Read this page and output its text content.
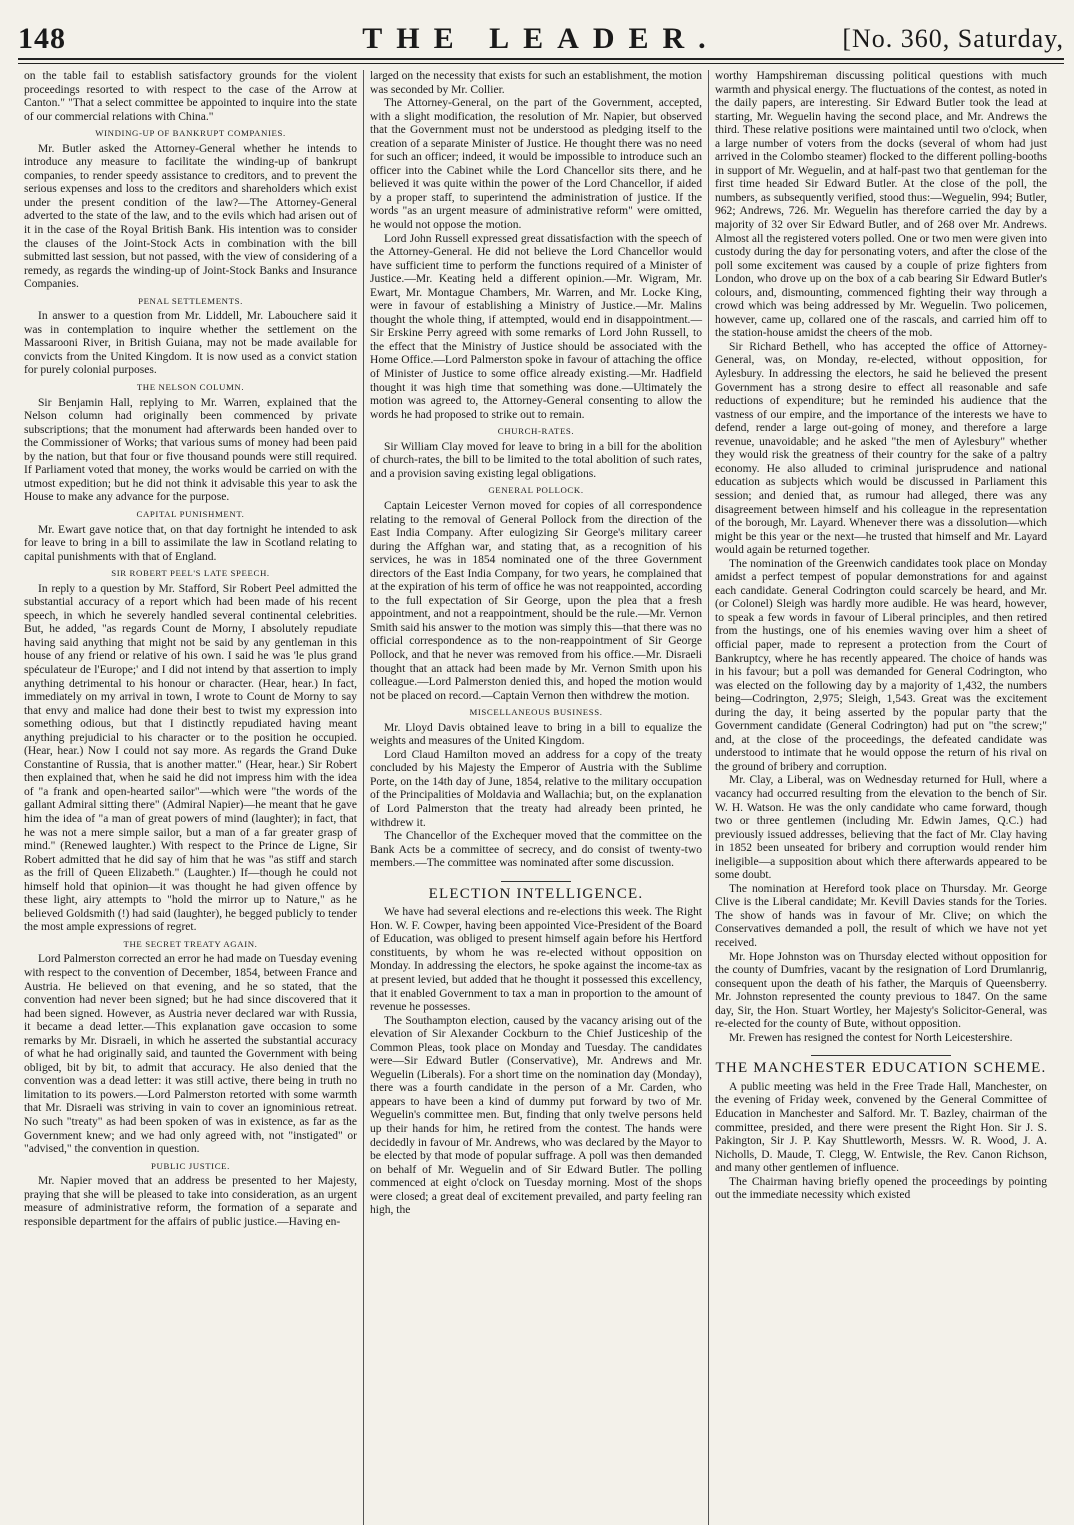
148	THE LEADER.	[No. 360, Saturday,

on the table fail to establish satisfactory grounds for the violent proceedings resorted to with respect to the case of the Arrow at Canton." "That a select committee be appointed to inquire into the state of our commercial relations with China."

WINDING-UP OF BANKRUPT COMPANIES.

Mr. Butler asked the Attorney-General whether he intends to introduce any measure to facilitate the winding-up of bankrupt companies, to render speedy assistance to creditors, and to prevent the serious expenses and loss to the creditors and shareholders which exist under the present condition of the law?—The Attorney-General adverted to the state of the law, and to the evils which had arisen out of it in the case of the Royal British Bank. His intention was to consider the clauses of the Joint-Stock Acts in combination with the bill submitted last session, but not passed, with the view of considering of a remedy, as regards the winding-up of Joint-Stock Banks and Insurance Companies.

PENAL SETTLEMENTS.

In answer to a question from Mr. Liddell, Mr. Labouchere said it was in contemplation to inquire whether the settlement on the Massarooni River, in British Guiana, may not be made available for convicts from the United Kingdom. It is now used as a convict station for purely colonial purposes.

THE NELSON COLUMN.

Sir Benjamin Hall, replying to Mr. Warren, explained that the Nelson column had originally been commenced by private subscriptions; that the monument had afterwards been handed over to the Commissioner of Works; that various sums of money had been paid by the nation, but that four or five thousand pounds were still required. If Parliament voted that money, the works would be carried on with the utmost expedition; but he did not think it advisable this year to ask the House to make any advance for the purpose.

CAPITAL PUNISHMENT.

Mr. Ewart gave notice that, on that day fortnight he intended to ask for leave to bring in a bill to assimilate the law in Scotland relating to capital punishments with that of England.

SIR ROBERT PEEL'S LATE SPEECH.

In reply to a question by Mr. Stafford, Sir Robert Peel admitted the substantial accuracy of a report which had been made of his recent speech, in which he severely handled several continental celebrities. But, he added, "as regards Count de Morny, I absolutely repudiate having said anything that might not be said by any gentleman in this house of any friend or relative of his own. I said he was 'le plus grand spéculateur de l'Europe;' and I did not intend by that assertion to imply anything detrimental to his honour or character. (Hear, hear.) In fact, immediately on my arrival in town, I wrote to Count de Morny to say that envy and malice had done their best to twist my expression into something odious, but that I distinctly repudiated having meant anything prejudicial to his character or to the position he occupied. (Hear, hear.) Now I could not say more. As regards the Grand Duke Constantine of Russia, that is another matter." (Hear, hear.) Sir Robert then explained that, when he said he did not impress him with the idea of "a frank and open-hearted sailor"—which were "the words of the gallant Admiral sitting there" (Admiral Napier)—he meant that he gave him the idea of "a man of great powers of mind (laughter); in fact, that he was not a mere simple sailor, but a man of a far greater grasp of mind." (Renewed laughter.) With respect to the Prince de Ligne, Sir Robert admitted that he did say of him that he was "as stiff and starch as the frill of Queen Elizabeth." (Laughter.) If—though he could not himself hold that opinion—it was thought he had given offence by these light, airy attempts to "hold the mirror up to Nature," as he believed Goldsmith (!) had said (laughter), he begged publicly to tender the most ample expressions of regret.

THE SECRET TREATY AGAIN.

Lord Palmerston corrected an error he had made on Tuesday evening with respect to the convention of December, 1854, between France and Austria. He believed on that evening, and he so stated, that the convention had never been signed; but he had since discovered that it had been signed. However, as Austria never declared war with Russia, it became a dead letter.—This explanation gave occasion to some remarks by Mr. Disraeli, in which he asserted the substantial accuracy of what he had originally said, and taunted the Government with being obliged, bit by bit, to admit that accuracy. He also denied that the convention was a dead letter: it was still active, there being in truth no limitation to its powers.—Lord Palmerston retorted with some warmth that Mr. Disraeli was striving in vain to cover an ignominious retreat. No such "treaty" as had been spoken of was in existence, as far as the Government knew; and we had only agreed with, not "instigated" or "advised," the convention in question.

PUBLIC JUSTICE.

Mr. Napier moved that an address be presented to her Majesty, praying that she will be pleased to take into consideration, as an urgent measure of administrative reform, the formation of a separate and responsible department for the affairs of public justice.—Having en-

larged on the necessity that exists for such an establishment, the motion was seconded by Mr. Collier.

The Attorney-General, on the part of the Government, accepted, with a slight modification, the resolution of Mr. Napier, but observed that the Government must not be understood as pledging itself to the creation of a separate Minister of Justice. He thought there was no need for such an officer; indeed, it would be impossible to introduce such an officer into the Cabinet while the Lord Chancellor sits there, and he believed it was quite within the power of the Lord Chancellor, if aided by a proper staff, to superintend the administration of justice. If the words "as an urgent measure of administrative reform" were omitted, he would not oppose the motion.

Lord John Russell expressed great dissatisfaction with the speech of the Attorney-General. He did not believe the Lord Chancellor would have sufficient time to perform the functions required of a Minister of Justice.—Mr. Keating held a different opinion.—Mr. Wigram, Mr. Ewart, Mr. Montague Chambers, Mr. Warren, and Mr. Locke King, were in favour of establishing a Ministry of Justice.—Mr. Malins thought the whole thing, if attempted, would end in disappointment.—Sir Erskine Perry agreed with some remarks of Lord John Russell, to the effect that the Ministry of Justice should be associated with the Home Office.—Lord Palmerston spoke in favour of attaching the office of Minister of Justice to some office already existing.—Mr. Hadfield thought it was high time that something was done.—Ultimately the motion was agreed to, the Attorney-General consenting to allow the words he had proposed to strike out to remain.

CHURCH-RATES.

Sir William Clay moved for leave to bring in a bill for the abolition of church-rates, the bill to be limited to the total abolition of such rates, and a provision saving existing legal obligations.

GENERAL POLLOCK.

Captain Leicester Vernon moved for copies of all correspondence relating to the removal of General Pollock from the direction of the East India Company. After eulogizing Sir George's military career during the Affghan war, and stating that, as a recognition of his services, he was in 1854 nominated one of the three Government directors of the East India Company, for two years, he complained that at the expiration of his term of office he was not reappointed, according to the full expectation of Sir George, upon the plea that a fresh appointment, and not a reappointment, should be the rule.—Mr. Vernon Smith said his answer to the motion was simply this—that there was no official correspondence as to the non-reappointment of Sir George Pollock, and that he never was removed from his office.—Mr. Disraeli thought that an attack had been made by Mr. Vernon Smith upon his colleague.—Lord Palmerston denied this, and hoped the motion would not be placed on record.—Captain Vernon then withdrew the motion.

MISCELLANEOUS BUSINESS.

Mr. Lloyd Davis obtained leave to bring in a bill to equalize the weights and measures of the United Kingdom.

Lord Claud Hamilton moved an address for a copy of the treaty concluded by his Majesty the Emperor of Austria with the Sublime Porte, on the 14th day of June, 1854, relative to the military occupation of the Principalities of Moldavia and Wallachia; but, on the explanation of Lord Palmerston that the treaty had already been printed, he withdrew it.

The Chancellor of the Exchequer moved that the committee on the Bank Acts be a committee of secrecy, and do consist of twenty-two members.—The committee was nominated after some discussion.

ELECTION INTELLIGENCE.

We have had several elections and re-elections this week. The Right Hon. W. F. Cowper, having been appointed Vice-President of the Board of Education, was obliged to present himself again before his Hertford constituents, by whom he was re-elected without opposition on Monday. In addressing the electors, he spoke against the income-tax as at present levied, but added that he thought it possessed this excellency, that it enabled Government to tax a man in proportion to the amount of revenue he possesses.

The Southampton election, caused by the vacancy arising out of the elevation of Sir Alexander Cockburn to the Chief Justiceship of the Common Pleas, took place on Monday and Tuesday. The candidates were—Sir Edward Butler (Conservative), Mr. Andrews and Mr. Weguelin (Liberals). For a short time on the nomination day (Monday), there was a fourth candidate in the person of a Mr. Carden, who appears to have been a kind of dummy put forward by two of Mr. Weguelin's committee men. But, finding that only twelve persons held up their hands for him, he retired from the contest. The hands were decidedly in favour of Mr. Andrews, who was declared by the Mayor to be elected by that mode of popular suffrage. A poll was then demanded on behalf of Mr. Weguelin and of Sir Edward Butler. The polling commenced at eight o'clock on Tuesday morning. Most of the shops were closed; a great deal of excitement prevailed, and party feeling ran high, the

worthy Hampshireman discussing political questions with much warmth and physical energy. The fluctuations of the contest, as noted in the daily papers, are interesting. Sir Edward Butler took the lead at starting, Mr. Weguelin having the second place, and Mr. Andrews the third. These relative positions were maintained until two o'clock, when a large number of voters from the docks (several of whom had just arrived in the Colombo steamer) flocked to the different polling-booths in support of Mr. Weguelin, and at half-past two that gentleman for the first time headed Sir Edward Butler. At the close of the poll, the numbers, as subsequently verified, stood thus:—Weguelin, 994; Butler, 962; Andrews, 726. Mr. Weguelin has therefore carried the day by a majority of 32 over Sir Edward Butler, and of 268 over Mr. Andrews. Almost all the registered voters polled. One or two men were given into custody during the day for personating voters, and after the close of the poll some excitement was caused by a couple of prize fighters from London, who drove up on the box of a cab bearing Sir Edward Butler's colours, and, dismounting, commenced fighting their way through a crowd which was being addressed by Mr. Weguelin. Two policemen, however, came up, collared one of the rascals, and carried him off to the station-house amidst the cheers of the mob.

Sir Richard Bethell, who has accepted the office of Attorney-General, was, on Monday, re-elected, without opposition, for Aylesbury. In addressing the electors, he said he believed the present Government has a strong desire to effect all reasonable and safe reductions of expenditure; but he reminded his audience that the vastness of our empire, and the importance of the interests we have to defend, render a large out-going of money, and therefore a large revenue, unavoidable; and he asked "the men of Aylesbury" whether they would risk the greatness of their country for the sake of a paltry economy. He also alluded to criminal jurisprudence and national education as subjects which would be discussed in Parliament this session; and denied that, as rumour had alleged, there was any disagreement between himself and his colleague in the representation of the borough, Mr. Layard. Whenever there was a dissolution—which might be this year or the next—he trusted that himself and Mr. Layard would again be returned together.

The nomination of the Greenwich candidates took place on Monday amidst a perfect tempest of popular demonstrations for and against each candidate. General Codrington could scarcely be heard, and Mr. (or Colonel) Sleigh was hardly more audible. He was heard, however, to speak a few words in favour of Liberal principles, and then retired from the hustings, one of his enemies waving over him a sheet of official paper, made to represent a protection from the Court of Bankruptcy, where he has recently appeared. The choice of hands was in his favour; but a poll was demanded for General Codrington, who was elected on the following day by a majority of 1,432, the numbers being—Codrington, 2,975; Sleigh, 1,543. Great was the excitement during the day, it being asserted by the popular party that the Government candidate (General Codrington) had put on "the screw;" and, at the close of the proceedings, the defeated candidate was understood to intimate that he would oppose the return of his rival on the ground of bribery and corruption.

Mr. Clay, a Liberal, was on Wednesday returned for Hull, where a vacancy had occurred resulting from the elevation to the bench of Sir. W. H. Watson. He was the only candidate who came forward, though two or three gentlemen (including Mr. Edwin James, Q.C.) had previously issued addresses, believing that the fact of Mr. Clay having in 1852 been unseated for bribery and corruption would render him ineligible—a supposition about which there afterwards appeared to be some doubt.

The nomination at Hereford took place on Thursday. Mr. George Clive is the Liberal candidate; Mr. Kevill Davies stands for the Tories. The show of hands was in favour of Mr. Clive; on which the Conservatives demanded a poll, the result of which we have not yet received.

Mr. Hope Johnston was on Thursday elected without opposition for the county of Dumfries, vacant by the resignation of Lord Drumlanrig, consequent upon the death of his father, the Marquis of Queensberry. Mr. Johnston represented the county previous to 1847. On the same day, Sir, the Hon. Stuart Wortley, her Majesty's Solicitor-General, was re-elected for the county of Bute, without opposition.

Mr. Frewen has resigned the contest for North Leicestershire.

THE MANCHESTER EDUCATION SCHEME.

A public meeting was held in the Free Trade Hall, Manchester, on the evening of Friday week, convened by the General Committee of Education in Manchester and Salford. Mr. T. Bazley, chairman of the committee, presided, and there were present the Right Hon. Sir J. S. Pakington, Sir J. P. Kay Shuttleworth, Messrs. W. R. Wood, J. A. Nicholls, D. Maude, T. Clegg, W. Entwisle, the Rev. Canon Richson, and many other gentlemen of influence.

The Chairman having briefly opened the proceedings by pointing out the immediate necessity which existed
